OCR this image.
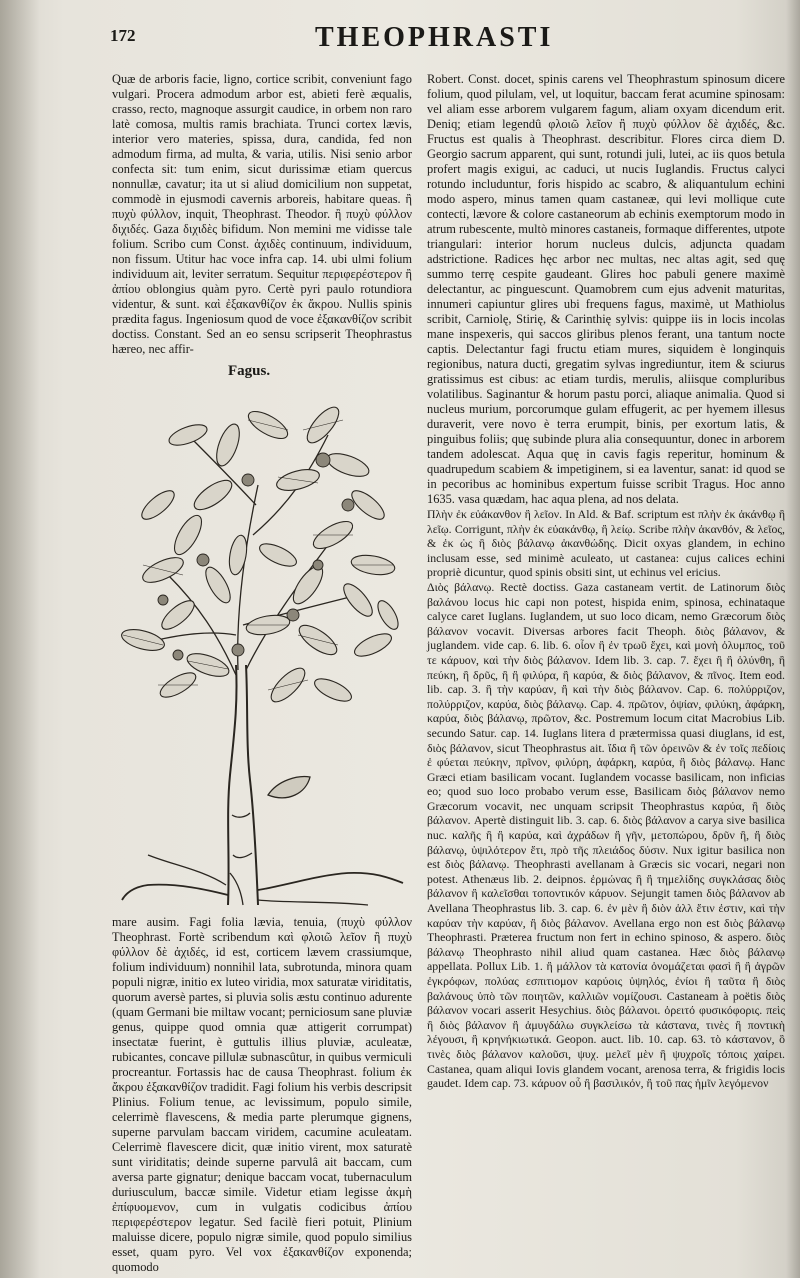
172	THEOPHRASTI

Quæ de arboris facie, ligno, cortice scribit, conveniunt fago vulgari. Procera admodum arbor est, abieti ferè æqualis, crasso, recto, magnoque assurgit caudice, in orbem non raro latè comosa, multis ramis brachiata. Trunci cortex lævis, interior vero materies, spissa, dura, candida, fed non admodum firma, ad multa, & varia, utilis. Nisi senio arbor confecta sit: tum enim, sicut durissimæ etiam quercus nonnullæ, cavatur; ita ut si aliud domicilium non suppetat, commodè in ejusmodi cavernis arboreis, habitare queas. ἢ πυχὺ φύλλον, inquit, Theophrast. Theodor. ἢ πυχὺ φύλλον διχιδές. Gaza διχιδὲς bifidum. Non memini me vidisse tale folium. Scribo cum Const. ἀχιδὲς continuum, individuum, non fissum. Utitur hac voce infra cap. 14. ubi ulmi folium individuum ait, leviter serratum. Sequitur περιφερέστερον ἢ ἀπίου oblongius quàm pyro. Certè pyri paulo rotundiora videntur, & sunt. καὶ ἐξακανθίζον ἐκ ἄκρου. Nullis spinis prædita fagus. Ingeniosum quod de voce ἐξακανθίζον scribit doctiss. Constant. Sed an eo sensu scripserit Theophrastus hæreo, nec affir-

Fagus.

mare ausim. Fagi folia lævia, tenuia, (πυχὺ φύλλον Theophrast. Fortè scribendum καὶ φλοιῶ λεῖον ἢ πυχὺ φύλλον δὲ ἀχιδές, id est, corticem lævem crassiumque, folium individuum) nonnihil lata, subrotunda, minora quam populi nigræ, initio ex luteo viridia, mox saturatæ viriditatis, quorum aversè partes, si pluvia solis æstu continuo adurente (quam Germani bie miltaw vocant; perniciosum sane pluviæ genus, quippe quod omnia quæ attigerit corrumpat) insectatæ fuerint, è guttulis illius pluviæ, aculeatæ, rubicantes, concave pillulæ subnascûtur, in quibus vermiculi procreantur. Fortassis hac de causa Theophrast. folium ἐκ ἄκρου ἐξακανθίζον tradidit. Fagi folium his verbis descripsit Plinius. Folium tenue, ac levissimum, populo simile, celerrimè flavescens, & media parte plerumque gignens, superne parvulam baccam viridem, cacumine aculeatam. Celerrimè flavescere dicit, quæ initio virent, mox saturatè sunt viriditatis; deinde superne parvulâ ait baccam, cum aversa parte gignatur; denique baccam vocat, tubernaculum duriusculum, baccæ simile. Videtur etiam legisse ἀκμὴ ἐπίφυομενον, cum in vulgatis codicibus ἀπίου περιφερέστερον legatur. Sed facilè fieri potuit, Plinium maluisse dicere, populo nigræ simile, quod populo similius esset, quam pyro. Vel vox ἐξακανθίζον exponenda; quomodo

Robert. Const. docet, spinis carens vel Theophrastum spinosum dicere folium, quod pilulam, vel, ut loquitur, baccam ferat acumine spinosam: vel aliam esse arborem vulgarem fagum, aliam oxyam dicendum erit. Deniq; etiam legendû φλοιῶ λεῖον ἢ πυχὺ φύλλον δὲ ἀχιδές, &c. Fructus est qualis à Theophrast. describitur. Flores circa diem D. Georgio sacrum apparent, qui sunt, rotundi juli, lutei, ac iis quos betula profert magis exigui, ac caduci, ut nucis Iuglandis. Fructus calyci rotundo includuntur, foris hispido ac scabro, & aliquantulum echini modo aspero, minus tamen quam castaneæ, qui levi mollique cute contecti, lævore & colore castaneorum ab echinis exemptorum modo in atrum rubescente, multò minores castaneis, formaque differentes, utpote triangulari: interior horum nucleus dulcis, adjuncta quadam adstrictione. Radices hęc arbor nec multas, nec altas agit, sed quę summo terrę cespite gaudeant. Glires hoc pabuli genere maximè delectantur, ac pinguescunt. Quamobrem cum ejus advenit maturitas, innumeri capiuntur glires ubi frequens fagus, maximè, ut Mathiolus scribit, Carniolę, Stirię, & Carinthię sylvis: quippe iis in locis incolas mane inspexeris, qui saccos gliribus plenos ferant, una tantum nocte captis. Delectantur fagi fructu etiam mures, siquidem è longinquis regionibus, natura ducti, gregatim sylvas ingrediuntur, item & sciurus gratissimus est cibus: ac etiam turdis, merulis, aliisque compluribus volatilibus. Saginantur & horum pastu porci, aliaque animalia. Quod si nucleus murium, porcorumque gulam effugerit, ac per hyemem illesus duraverit, vere novo è terra erumpit, binis, per exortum latis, & pinguibus foliis; quę subinde plura alia consequuntur, donec in arborem tandem adolescat. Aqua quę in cavis fagis reperitur, hominum & quadrupedum scabiem & impetiginem, si ea laventur, sanat: id quod se in pecoribus ac hominibus expertum fuisse scribit Tragus. Hoc anno 1635. vasa quædam, hac aqua plena, ad nos delata.

Πλὴν ἐκ εὐάκανθον ἢ λεῖον. In Ald. & Baf. scriptum est πλὴν ἐκ ἀκάνθῳ ἢ λεῖῳ. Corrigunt, πλὴν ἐκ εὐακάνθῳ, ἢ λείῳ. Scribe πλὴν ἀκανθόν, & λεῖος, & ἐκ ὡς ἢ διὸς βάλανῳ ἀκανθώδης. Dicit oxyas glandem, in echino inclusam esse, sed minimè aculeato, ut castanea: cujus calices echini propriè dicuntur, quod spinis obsiti sint, ut echinus vel ericius.

Διὸς βάλανῳ. Rectè doctiss. Gaza castaneam vertit. de Latinorum διὸς βαλάνου locus hic capi non potest, hispida enim, spinosa, echinataque calyce caret Iuglans. Iuglandem, ut suo loco dicam, nemo Græcorum διὸς βάλανον vocavit. Diversas arbores facit Theoph. διὸς βάλανον, & juglandem. vide cap. 6. lib. 6. οἷον ἢ ἐν τρωῦ ἔχει, καὶ μονὴ ὀλυμπος, τοῦ τε κάρυον, καὶ τὴν διὸς βάλανον. Idem lib. 3. cap. 7. ἔχει ἢ ἢ ὀλύνθη, ἢ πεύκη, ἢ δρῦς, ἢ ἢ φιλύρα, ἢ καρύα, & διὸς βάλανον, & πῖνος. Item eod. lib. cap. 3. ἢ τὴν καρύαν, ἢ καὶ τὴν διὸς βάλανον. Cap. 6. πολύρριζον, πολύρριζον, καρύα, διὸς βάλανῳ. Cap. 4. πρῶτον, ὀψίαν, φιλύκη, ἀφάρκη, καρύα, διὸς βάλανῳ, πρῶτον, &c. Postremum locum citat Macrobius Lib. secundo Satur. cap. 14. Iuglans litera d prætermissa quasi diuglans, id est, διὸς βάλανον, sicut Theophrastus ait. ἴδια ἢ τῶν ὀρεινῶν & ἐν τοῖς πεδίοις ἐ φύεται πεύκην, πρῖνον, φιλύρη, ἀφάρκη, καρύα, ἢ διὸς βάλανῳ. Hanc Græci etiam basilicam vocant. Iuglandem vocasse basilicam, non inficias eo; quod suo loco probabo verum esse, Basilicam διὸς βάλανον nemo Græcorum vocavit, nec unquam scripsit Theophrastus καρύα, ἢ διὸς βάλανον. Apertè distinguit lib. 3. cap. 6. διὸς βάλανον a carya sive basilica nuc. καλῆς ἢ ἢ καρύα, καὶ ἀχράδων ἢ γῆν, μετοπώρου, δρῦν ἢ, ἢ διὸς βάλανῳ, ὑψιλότερον ἔτι, πρὸ τῆς πλειάδος δύσιν. Nux igitur basilica non est διὸς βάλανῳ. Theophrasti avellanam à Græcis sic vocari, negari non potest. Athenæus lib. 2. deipnos. ἐρμώνας ἢ ἢ τημελίδης συγκλάσας διὸς βάλανον ἢ καλεῖσθαι τοποντικόν κάρυον. Sejungit tamen διὸς βάλανον ab Avellana Theophrastus lib. 3. cap. 6. ἐν μὲν ἢ διὸν ἀλλ ἔτιν ἐστιν, καὶ τὴν καρύαν τὴν καρύαν, ἢ διὸς βάλανον. Avellana ergo non est διὸς βάλανῳ Theophrasti. Præterea fructum non fert in echino spinoso, & aspero. διὸς βάλανῳ Theophrasto nihil aliud quam castanea. Hæc διὸς βάλανῳ appellata. Pollux Lib. 1. ἢ μάλλον τὰ κατονία ὀνομάζεται φασὶ ἢ ἢ ἀγρῶν ἐγκρόφων, πολύας εσπιτιομον καρύοις ὑψηλός, ἐνίοι ἢ ταῦτα ἢ διὸς βαλάνους ὑπὸ τῶν ποιητῶν, καλλιῶν νομίζουσι. Castaneam à poëtis διὸς βάλανον vocari asserit Hesychius. διὸς βάλανοι. ὀρειτό φυσικόφορις. πεὶς ἢ διὸς βάλανον ἢ ἀμυγδάλω συγκλείσω τὰ κάστανα, τινὲς ἢ ποντικὴ λέγουσι, ἢ κρηνήκιωτικά. Geopon. auct. lib. 10. cap. 63. τὸ κάστανον, ὃ τινὲς διὸς βάλανον καλοῦσι, ψυχ. μελεῖ μὲν ἢ ψυχροῖς τόποις χαίρει. Castanea, quam aliqui Iovis glandem vocant, arenosa terra, & frigidis locis gaudet. Idem cap. 73. κάρυον οὗ ἢ βασιλικόν, ἢ τοῦ πας ἡμῖν λεγόμενον
